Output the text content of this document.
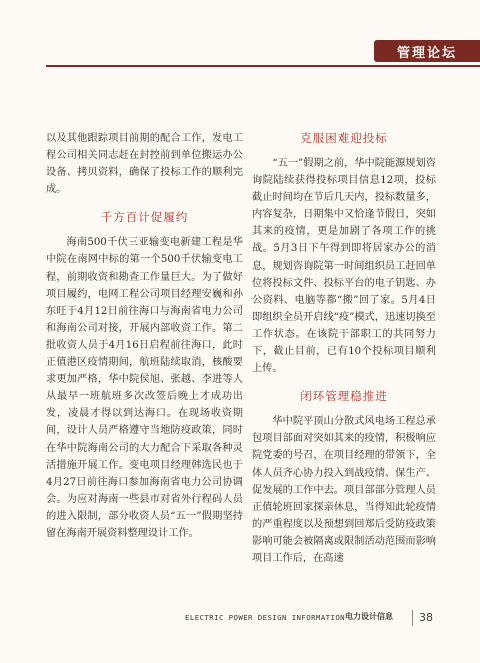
管理论坛

以及其他跟踪项目前期的配合工作，发电工程公司相关同志赶在封控前到单位搬运办公设备、拷贝资料，确保了投标工作的顺利完成。

千方百计促履约

海南500千伏三亚输变电新建工程是华中院在南网中标的第一个500千伏输变电工程，前期收资和勘查工作量巨大。为了做好项目履约，电网工程公司项目经理安巍和孙东旺于4月12日前往海口与海南省电力公司和海南公司对接，开展内部收资工作。第二批收资人员于4月16日启程前往海口，此时正值港区疫情期间，航班陆续取消，核酸要求更加严格，华中院侯旭、张越、李进等人从最早一班航班多次改签后晚上才成功出发，凌晨才得以到达海口。在现场收资期间，设计人员严格遵守当地防疫政策，同时在华中院海南公司的大力配合下采取各种灵活措施开展工作。变电项目经理韩选民也于4月27日前往海口参加海南省电力公司协调会。为应对海南一些县市对省外行程码人员的进入限制，部分收资人员“五一”假期坚持留在海南开展资料整理设计工作。

克服困难迎投标

“五一”假期之前，华中院能源规划咨询院陆续获得投标项目信息12项，投标截止时间均在节后几天内，投标数量多，内容复杂，日期集中又恰逢节假日，突如其来的疫情，更是加剧了各项工作的挑战。5月3日下午得到即将居家办公的消息，规划咨询院第一时间组织员工赶回单位将投标文件、投标平台的电子钥匙、办公资料、电脑等都“搬”回了家。5月4日即组织全员开启线“疫”模式，迅速切换至工作状态。在该院干部职工的共同努力下，截止目前，已有10个投标项目顺利上传。

闭环管理稳推进

华中院平顶山分散式风电场工程总承包项目部面对突如其来的疫情，积极响应院党委的号召，在项目经理的带领下，全体人员齐心协力投入到战疫情、保生产、促发展的工作中去。项目部部分管理人员正值轮班回家探亲休息，当得知此轮疫情的严重程度以及预想到回郑后受防疫政策影响可能会被隔离或限制活动范围而影响项目工作后，在高速

ELECTRIC POWER DESIGN INFORMATION 电力设计信息 38
